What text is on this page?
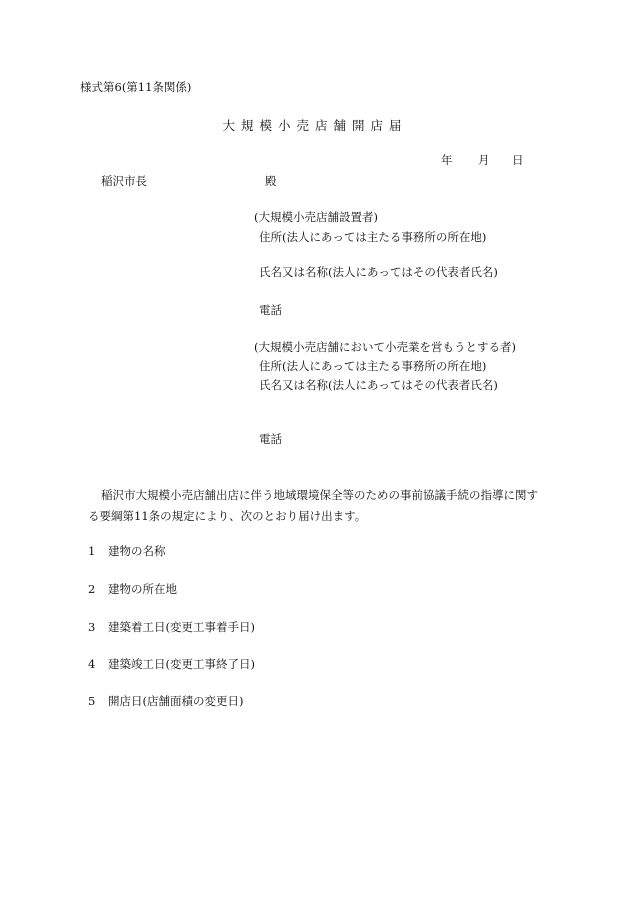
様式第6(第11条関係)
大規模小売店舗開店届
年 月 日
稲沢市長	殿
(大規模小売店舗設置者)
住所(法人にあっては主たる事務所の所在地)
氏名又は名称(法人にあってはその代表者氏名)
電話
(大規模小売店舗において小売業を営もうとする者)
住所(法人にあっては主たる事務所の所在地)
氏名又は名称(法人にあってはその代表者氏名)
電話
稲沢市大規模小売店舗出店に伴う地域環境保全等のための事前協議手続の指導に関す
る要綱第11条の規定により、次のとおり届け出ます。
1 建物の名称
2 建物の所在地
3 建築着工日(変更工事着手日)
4 建築竣工日(変更工事終了日)
5 開店日(店舗面積の変更日)
